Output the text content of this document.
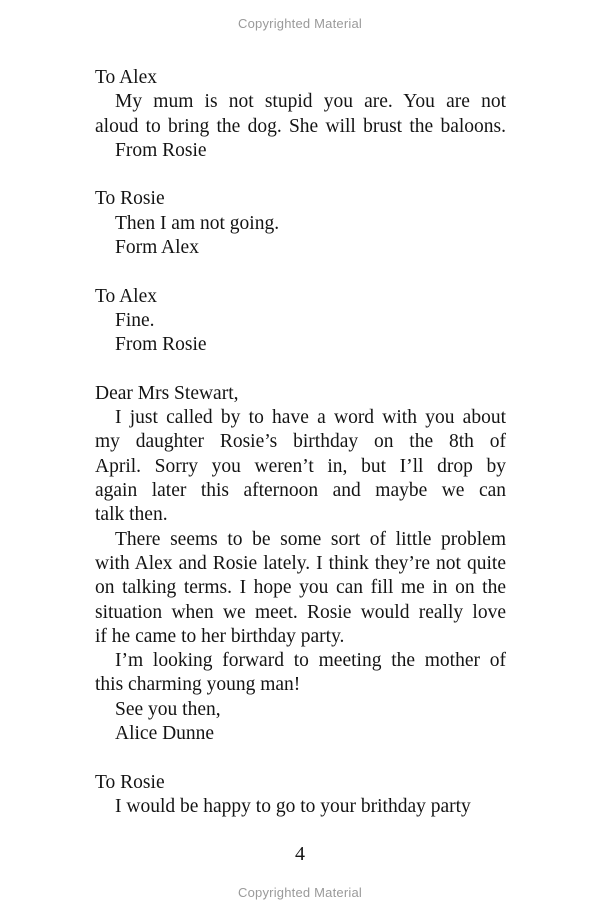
Copyrighted Material
To Alex
My mum is not stupid you are. You are not
aloud to bring the dog. She will brust the baloons.
From Rosie
To Rosie
Then I am not going.
Form Alex
To Alex
Fine.
From Rosie
Dear Mrs Stewart,
I just called by to have a word with you about
my daughter Rosie’s birthday on the 8th of
April. Sorry you weren’t in, but I’ll drop by
again later this afternoon and maybe we can
talk then.
There seems to be some sort of little problem
with Alex and Rosie lately. I think they’re not quite
on talking terms. I hope you can fill me in on the
situation when we meet. Rosie would really love
if he came to her birthday party.
I’m looking forward to meeting the mother of
this charming young man!
See you then,
Alice Dunne
To Rosie
I would be happy to go to your brithday party
4
Copyrighted Material
